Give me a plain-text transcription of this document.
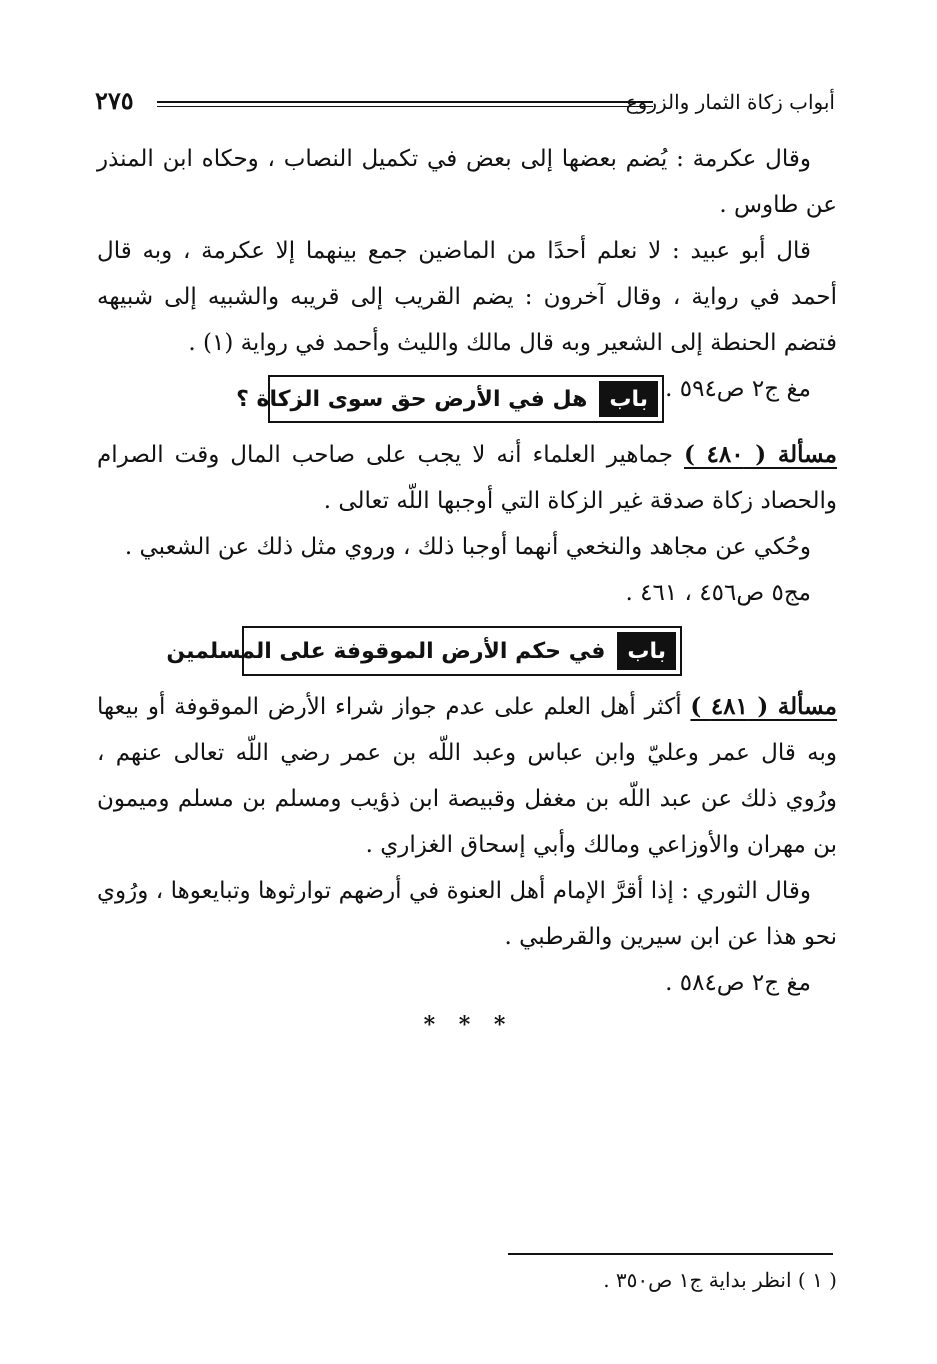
أبواب زكاة الثمار والزروع
٢٧٥

وقال عكرمة : يُضم بعضها إلى بعض في تكميل النصاب ، وحكاه ابن المنذر عن طاوس .

قال أبو عبيد : لا نعلم أحدًا من الماضين جمع بينهما إلا عكرمة ، وبه قال أحمد في رواية ، وقال آخرون : يضم القريب إلى قريبه والشبيه إلى شبيهه فتضم الحنطة إلى الشعير وبه قال مالك والليث وأحمد في رواية (١) .

مغ ج٢ ص٥٩٤ .

باب
هل في الأرض حق سوى الزكاة ؟

مسألة ( ٤٨٠ ) جماهير العلماء أنه لا يجب على صاحب المال وقت الصرام والحصاد زكاة صدقة غير الزكاة التي أوجبها اللّه تعالى .

وحُكي عن مجاهد والنخعي أنهما أوجبا ذلك ، وروي مثل ذلك عن الشعبي .

مج٥ ص٤٥٦ ، ٤٦١ .

باب
في حكم الأرض الموقوفة على المسلمين

مسألة ( ٤٨١ ) أكثر أهل العلم على عدم جواز شراء الأرض الموقوفة أو بيعها وبه قال عمر وعليّ وابن عباس وعبد اللّه بن عمر رضي اللّه تعالى عنهم ، ورُوي ذلك عن عبد اللّه بن مغفل وقبيصة ابن ذؤيب ومسلم بن مسلم وميمون بن مهران والأوزاعي ومالك وأبي إسحاق الغزاري .

وقال الثوري : إذا أقرَّ الإمام أهل العنوة في أرضهم توارثوها وتبايعوها ، ورُوي نحو هذا عن ابن سيرين والقرطبي .

مغ ج٢ ص٥٨٤ .

* * *
( ١ ) انظر بداية ج١ ص٣٥٠ .
